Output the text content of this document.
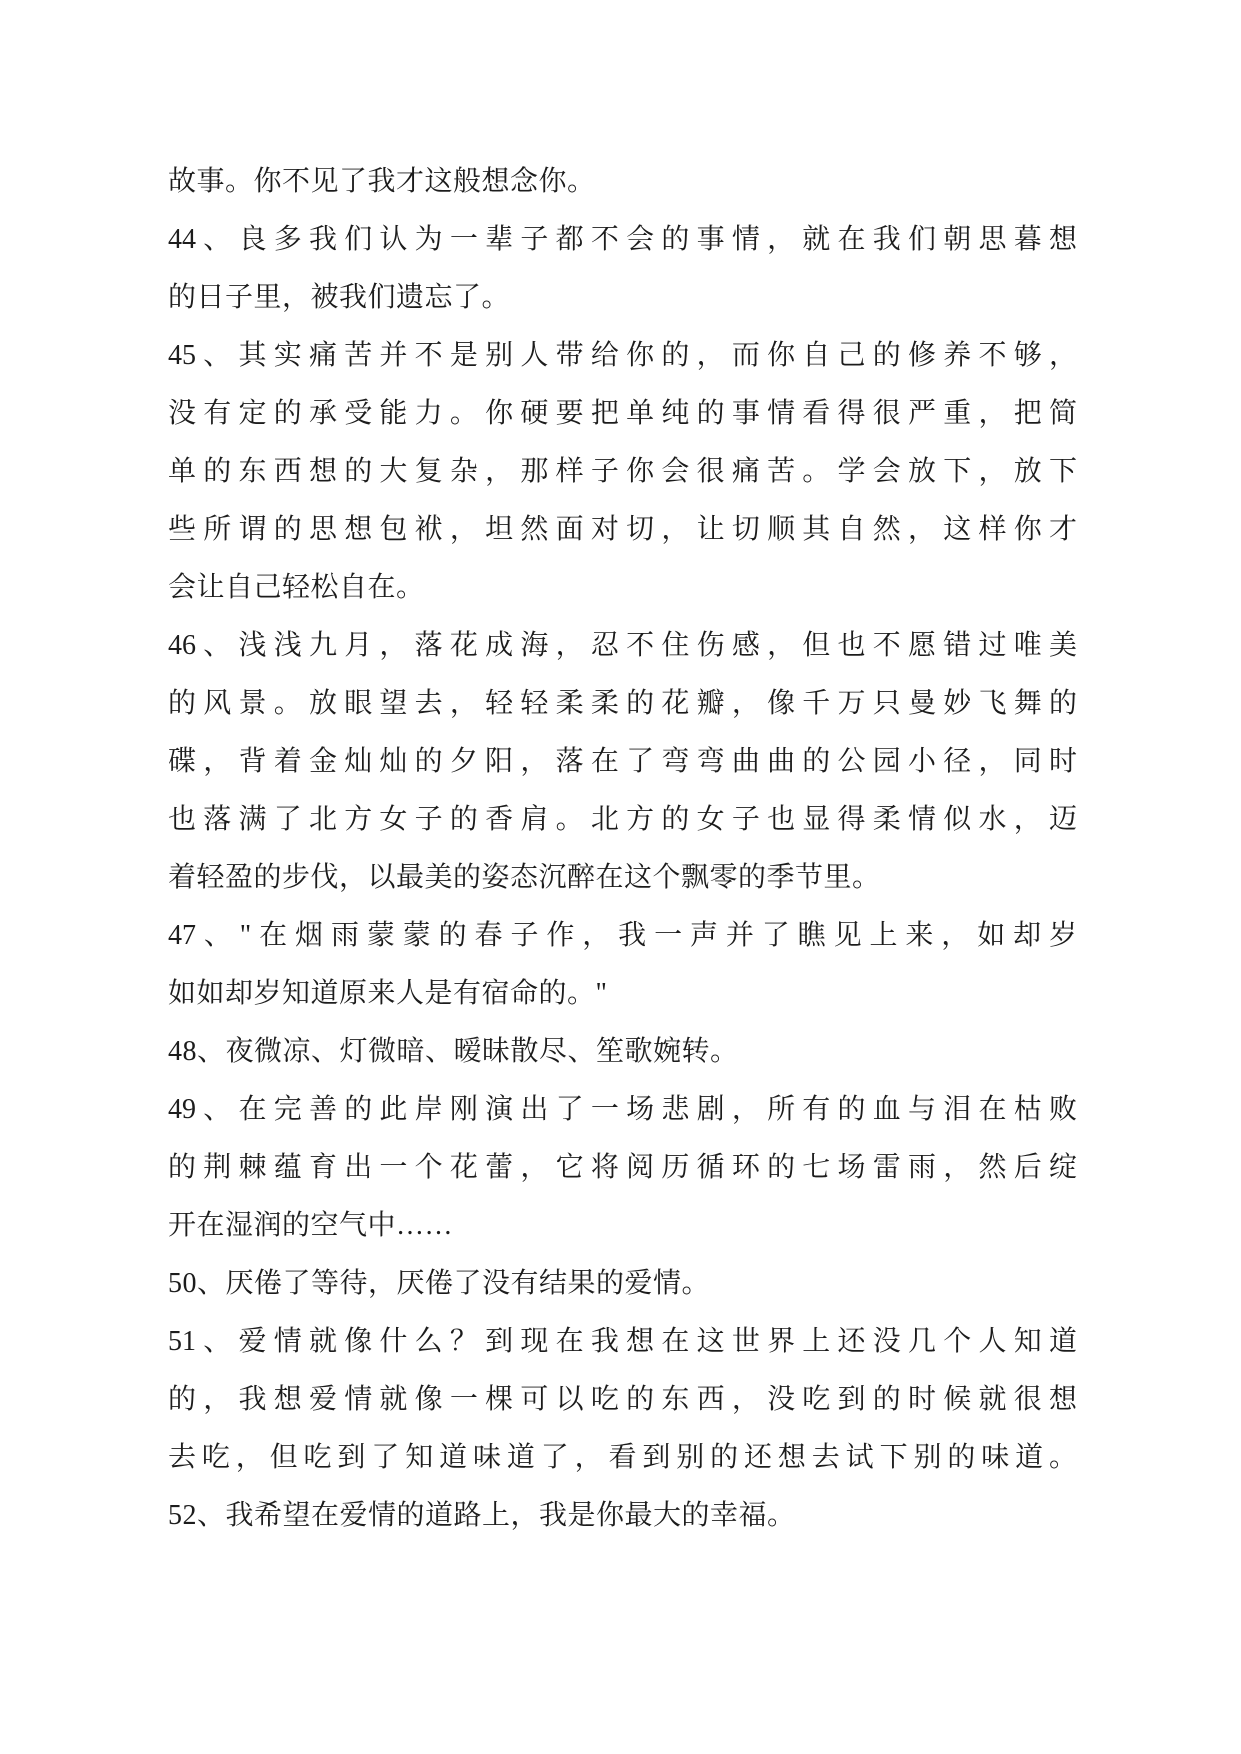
故事。你不见了我才这般想念你。
44、良多我们认为一辈子都不会的事情，就在我们朝思暮想
的日子里，被我们遗忘了。
45、其实痛苦并不是别人带给你的，而你自己的修养不够，
没有定的承受能力。你硬要把单纯的事情看得很严重，把简
单的东西想的大复杂，那样子你会很痛苦。学会放下，放下
些所谓的思想包袱，坦然面对切，让切顺其自然，这样你才
会让自己轻松自在。
46、浅浅九月，落花成海，忍不住伤感，但也不愿错过唯美
的风景。放眼望去，轻轻柔柔的花瓣，像千万只曼妙飞舞的
碟，背着金灿灿的夕阳，落在了弯弯曲曲的公园小径，同时
也落满了北方女子的香肩。北方的女子也显得柔情似水，迈
着轻盈的步伐，以最美的姿态沉醉在这个飘零的季节里。
47、"在烟雨蒙蒙的春子作，我一声并了瞧见上来，如却岁
如如却岁知道原来人是有宿命的。"
48、夜微凉、灯微暗、暧昧散尽、笙歌婉转。
49、在完善的此岸刚演出了一场悲剧，所有的血与泪在枯败
的荆棘蕴育出一个花蕾，它将阅历循环的七场雷雨，然后绽
开在湿润的空气中……
50、厌倦了等待，厌倦了没有结果的爱情。
51、爱情就像什么？到现在我想在这世界上还没几个人知道
的，我想爱情就像一棵可以吃的东西，没吃到的时候就很想
去吃，但吃到了知道味道了，看到别的还想去试下别的味道。
52、我希望在爱情的道路上，我是你最大的幸福。
